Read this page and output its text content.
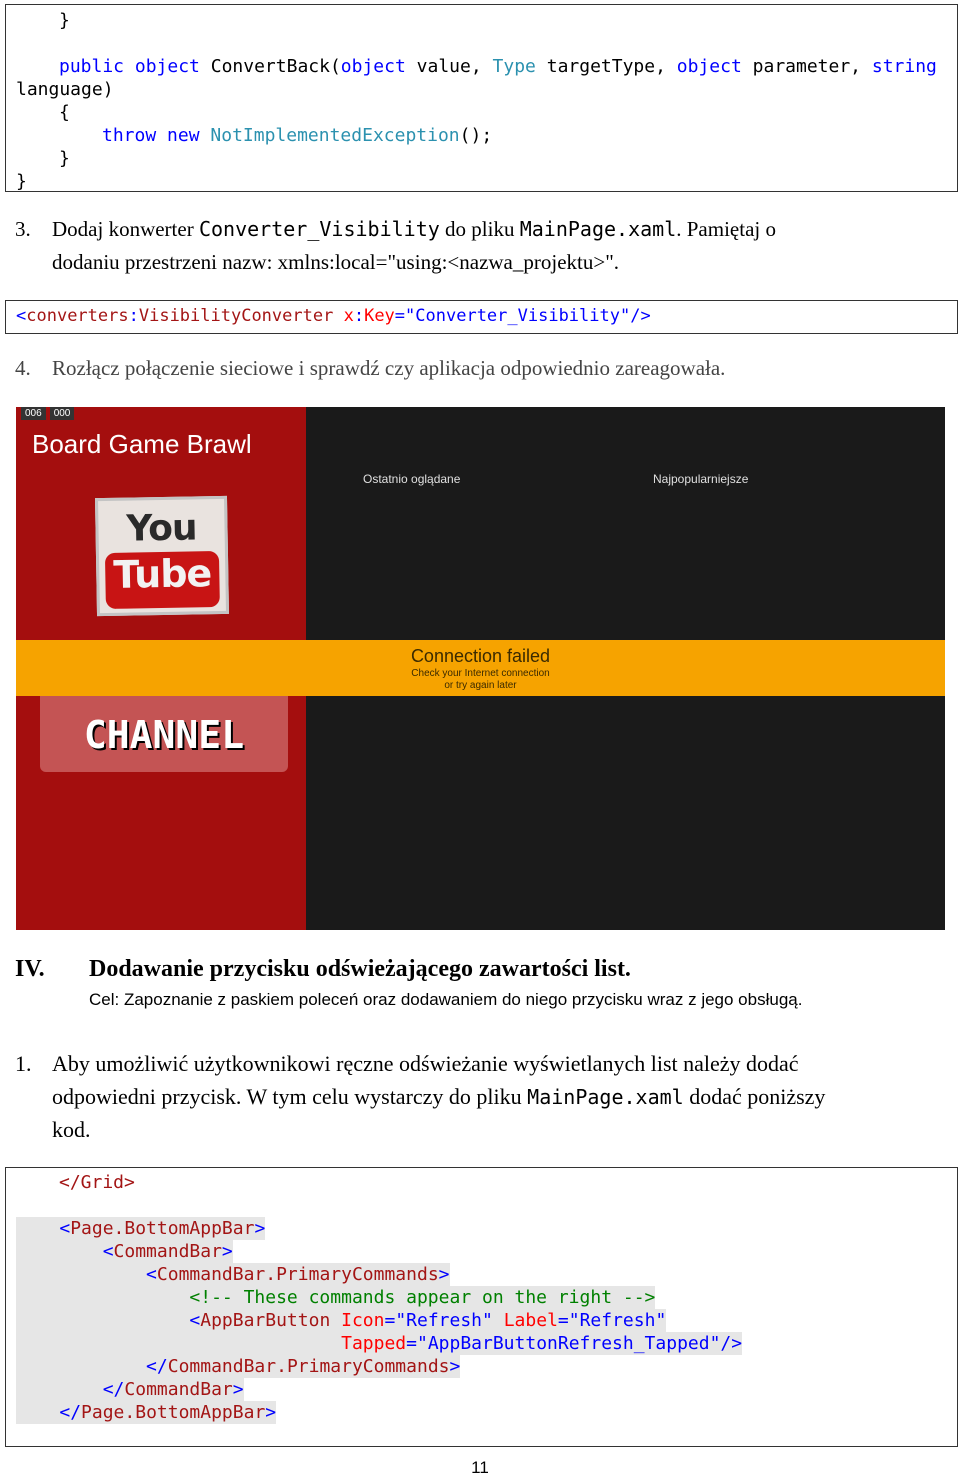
}
public object ConvertBack(object value, Type targetType, object parameter, string
language)
{
throw new NotImplementedException();
}
}
3. Dodaj konwerter Converter_Visibility do pliku MainPage.xaml. Pamiętaj o
dodaniu przestrzeni nazw: xmlns:local="using:<nazwa_projektu>".
<converters:VisibilityConverter x:Key="Converter_Visibility"/>
4. Rozłącz połączenie sieciowe i sprawdź czy aplikacja odpowiednio zareagowała.
006	000
Board Game Brawl
You
Tube
CHANNEL
Ostatnio oglądane	Najpopularniejsze
Connection failed
Check your Internet connection
or try again later
IV. Dodawanie przycisku odświeżającego zawartości list.
Cel: Zapoznanie z paskiem poleceń oraz dodawaniem do niego przycisku wraz z jego obsługą.
1. Aby umożliwić użytkownikowi ręczne odświeżanie wyświetlanych list należy dodać
odpowiedni przycisk. W tym celu wystarczy do pliku MainPage.xaml dodać poniższy
kod.
</Grid>
<Page.BottomAppBar>
<CommandBar>
<CommandBar.PrimaryCommands>
<!-- These commands appear on the right -->
<AppBarButton Icon="Refresh" Label="Refresh"
Tapped="AppBarButtonRefresh_Tapped"/>
</CommandBar.PrimaryCommands>
</CommandBar>
</Page.BottomAppBar>
11
